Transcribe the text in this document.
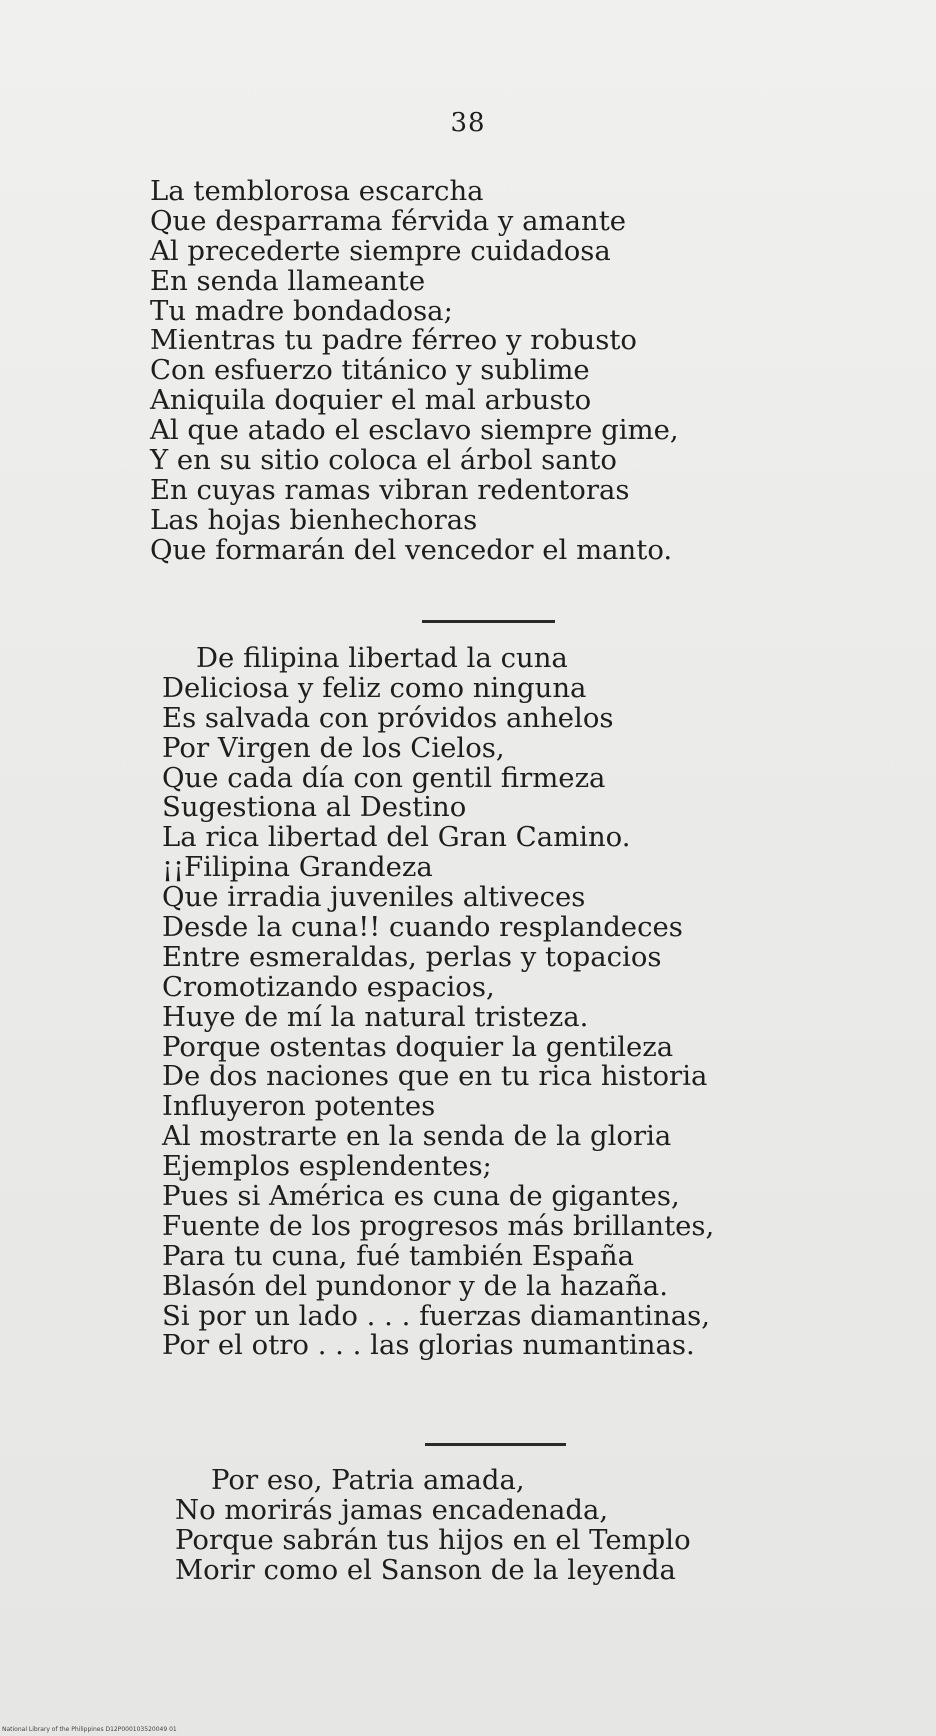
38
La temblorosa escarcha
Que desparrama férvida y amante
Al precederte siempre cuidadosa
En senda llameante
Tu madre bondadosa;
Mientras tu padre férreo y robusto
Con esfuerzo titánico y sublime
Aniquila doquier el mal arbusto
Al que atado el esclavo siempre gime,
Y en su sitio coloca el árbol santo
En cuyas ramas vibran redentoras
Las hojas bienhechoras
Que formarán del vencedor el manto.
De filipina libertad la cuna
Deliciosa y feliz como ninguna
Es salvada con próvidos anhelos
Por Virgen de los Cielos,
Que cada día con gentil firmeza
Sugestiona al Destino
La rica libertad del Gran Camino.
¡¡Filipina Grandeza
Que irradia juveniles altiveces
Desde la cuna!! cuando resplandeces
Entre esmeraldas, perlas y topacios
Cromotizando espacios,
Huye de mí la natural tristeza.
Porque ostentas doquier la gentileza
De dos naciones que en tu rica historia
Influyeron potentes
Al mostrarte en la senda de la gloria
Ejemplos esplendentes;
Pues si América es cuna de gigantes,
Fuente de los progresos más brillantes,
Para tu cuna, fué también España
Blasón del pundonor y de la hazaña.
Si por un lado . . . fuerzas diamantinas,
Por el otro . . . las glorias numantinas.
Por eso, Patria amada,
No morirás jamas encadenada,
Porque sabrán tus hijos en el Templo
Morir como el Sanson de la leyenda
National Library of the Philippines D12P000103520049 01
